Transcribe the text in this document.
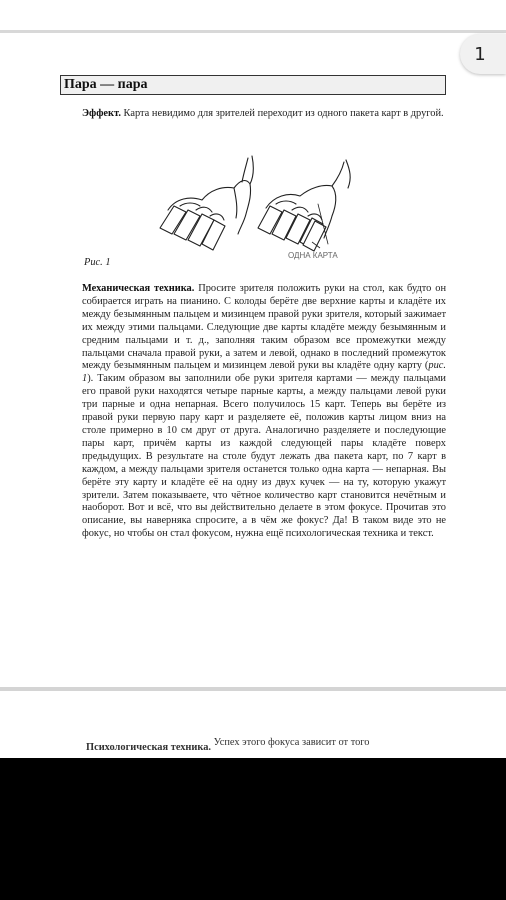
Пара — пара

Эффект. Карта невидимо для зрителей переходит из одного пакета карт в другой.

ОДНА КАРТА
Рис. 1

Механическая техника. Просите зрителя положить руки на стол, как будто он собирается играть на пианино. С колоды берёте две верхние карты и кладёте их между безымянным пальцем и мизинцем правой руки зрителя, который зажимает их между этими пальцами. Следующие две карты кладёте между безымянным и средним пальцами и т. д., заполняя таким образом все промежутки между пальцами сначала правой руки, а затем и левой, однако в последний промежуток между безымянным пальцем и мизинцем левой руки вы кладёте одну карту (рис. 1). Таким образом вы заполнили обе руки зрителя картами — между пальцами его правой руки находятся четыре парные карты, а между пальцами левой руки три парные и одна непарная. Всего получилось 15 карт. Теперь вы берёте из правой руки первую пару карт и разделяете её, положив карты лицом вниз на столе примерно в 10 см друг от друга. Аналогично разделяете и последующие пары карт, причём карты из каждой следующей пары кладёте поверх предыдущих. В результате на столе будут лежать два пакета карт, по 7 карт в каждом, а между пальцами зрителя останется только одна карта — непарная. Вы берёте эту карту и кладёте её на одну из двух кучек — на ту, которую укажут зрители. Затем показываете, что чётное количество карт становится нечётным и наоборот. Вот и всё, что вы действительно делаете в этом фокусе. Прочитав это описание, вы наверняка спросите, а в чём же фокус? Да! В таком виде это не фокус, но чтобы он стал фокусом, нужна ещё психологическая техника и текст.

Психологическая техника. Успех этого фокуса зависит от того
1
